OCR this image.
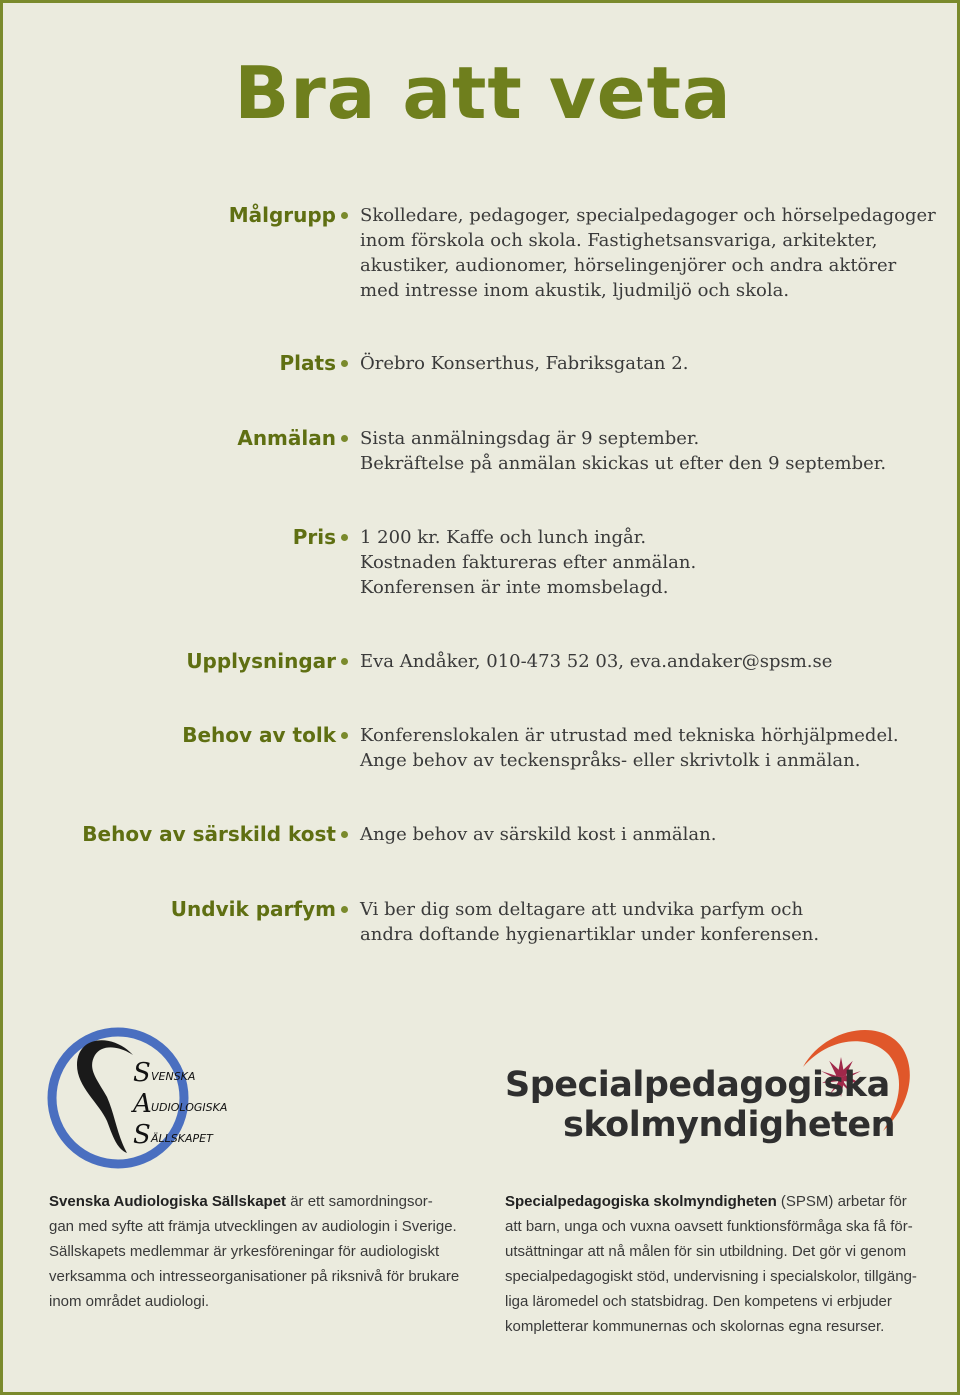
Bra att veta
Målgrupp Skolledare, pedagoger, specialpedagoger och hörselpedagoger
inom förskola och skola. Fastighetsansvariga, arkitekter,
akustiker, audionomer, hörselingenjörer och andra aktörer
med intresse inom akustik, ljudmiljö och skola.
Plats Örebro Konserthus, Fabriksgatan 2.
Anmälan Sista anmälningsdag är 9 september.
Bekräftelse på anmälan skickas ut efter den 9 september.
Pris 1 200 kr. Kaffe och lunch ingår.
Kostnaden faktureras efter anmälan.
Konferensen är inte momsbelagd.
Upplysningar Eva Andåker, 010-473 52 03, eva.andaker@spsm.se
Behov av tolk Konferenslokalen är utrustad med tekniska hörhjälpmedel.
Ange behov av teckenspråks- eller skrivtolk i anmälan.
Behov av särskild kost Ange behov av särskild kost i anmälan.
Undvik parfym Vi ber dig som deltagare att undvika parfym och
andra doftande hygienartiklar under konferensen.
S VENSKA
A UDIOLOGISKA
S ÄLLSKAPET
Specialpedagogiska
skolmyndigheten
Svenska Audiologiska Sällskapet är ett samordningsor-
gan med syfte att främja utvecklingen av audiologin i Sverige.
Sällskapets medlemmar är yrkesföreningar för audiologiskt
verksamma och intresseorganisationer på riksnivå för brukare
inom området audiologi.
Specialpedagogiska skolmyndigheten (SPSM) arbetar för
att barn, unga och vuxna oavsett funktionsförmåga ska få för-
utsättningar att nå målen för sin utbildning. Det gör vi genom
specialpedagogiskt stöd, undervisning i specialskolor, tillgäng-
liga läromedel och statsbidrag. Den kompetens vi erbjuder
kompletterar kommunernas och skolornas egna resurser.
